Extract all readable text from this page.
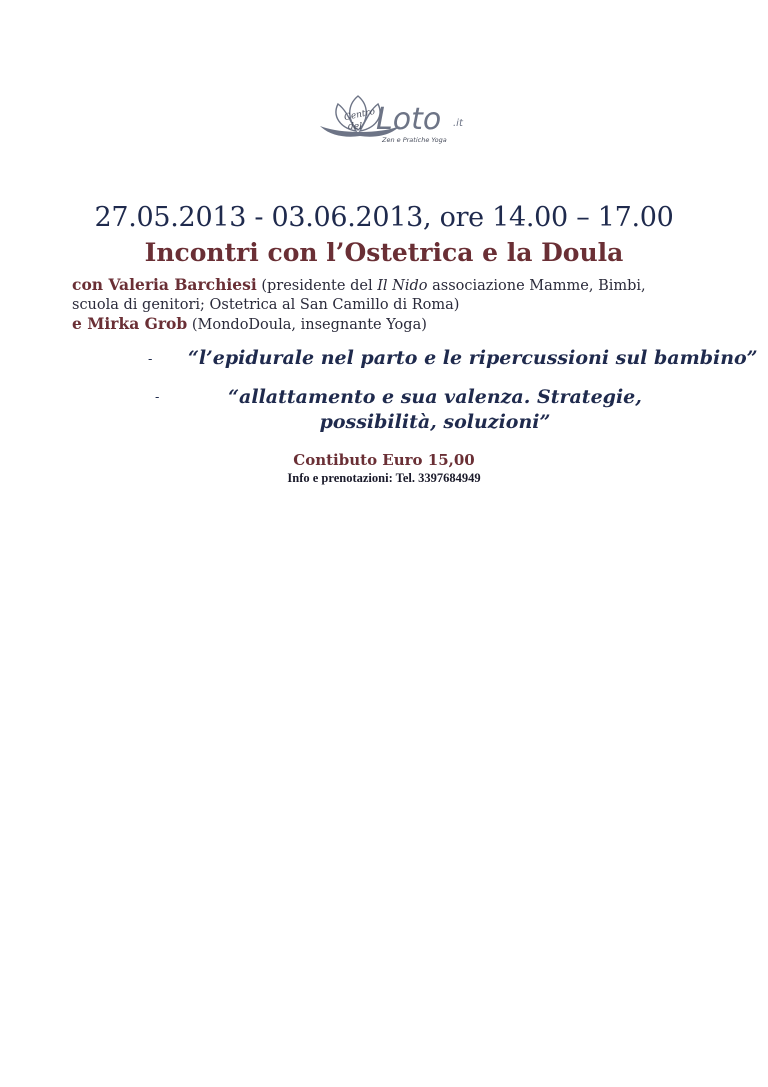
Centro
del Loto .it
Zen e Pratiche Yoga
27.05.2013 - 03.06.2013, ore 14.00 – 17.00
Incontri con l’Ostetrica e la Doula
con Valeria Barchiesi (presidente del Il Nido associazione Mamme, Bimbi, scuola di genitori; Ostetrica al San Camillo di Roma)
e Mirka Grob (MondoDoula, insegnante Yoga)
- “l’epidurale nel parto e le ripercussioni sul bambino”
-	“allattamento e sua valenza. Strategie, possibilità, soluzioni”
Contibuto Euro 15,00
Info e prenotazioni: Tel. 3397684949
